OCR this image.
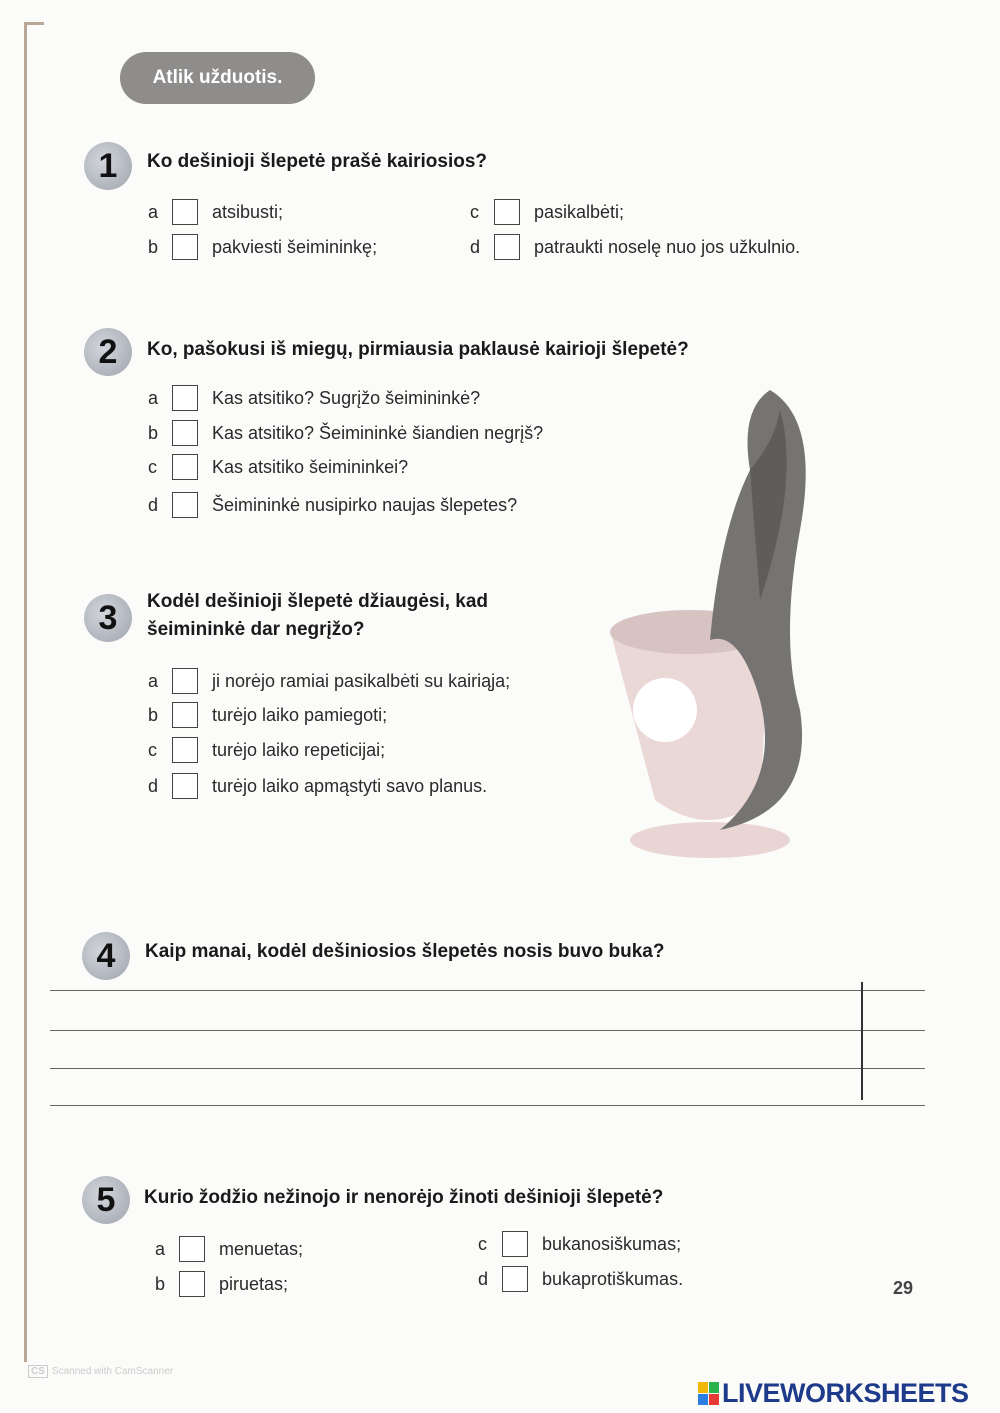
Atlik užduotis.
1	Ko dešinioji šlepetė prašė kairiosios?
a	atsibusti;
b	pakviesti šeimininkę;
c	pasikalbėti;
d	patraukti noselę nuo jos užkulnio.
2	Ko, pašokusi iš miegų, pirmiausia paklausė kairioji šlepetė?
a	Kas atsitiko? Sugrįžo šeimininkė?
b	Kas atsitiko? Šeimininkė šiandien negrįš?
c	Kas atsitiko šeimininkei?
d	Šeimininkė nusipirko naujas šlepetes?
3	Kodėl dešinioji šlepetė džiaugėsi, kad
šeimininkė dar negrįžo?
a	ji norėjo ramiai pasikalbėti su kairiąja;
b	turėjo laiko pamiegoti;
c	turėjo laiko repeticijai;
d	turėjo laiko apmąstyti savo planus.
4	Kaip manai, kodėl dešiniosios šlepetės nosis buvo buka?
5	Kurio žodžio nežinojo ir nenorėjo žinoti dešinioji šlepetė?
a	menuetas;
b	piruetas;
c	bukanosiškumas;
d	bukaprotiškumas.	29
CS Scanned with CamScanner
LIVEWORKSHEETS
